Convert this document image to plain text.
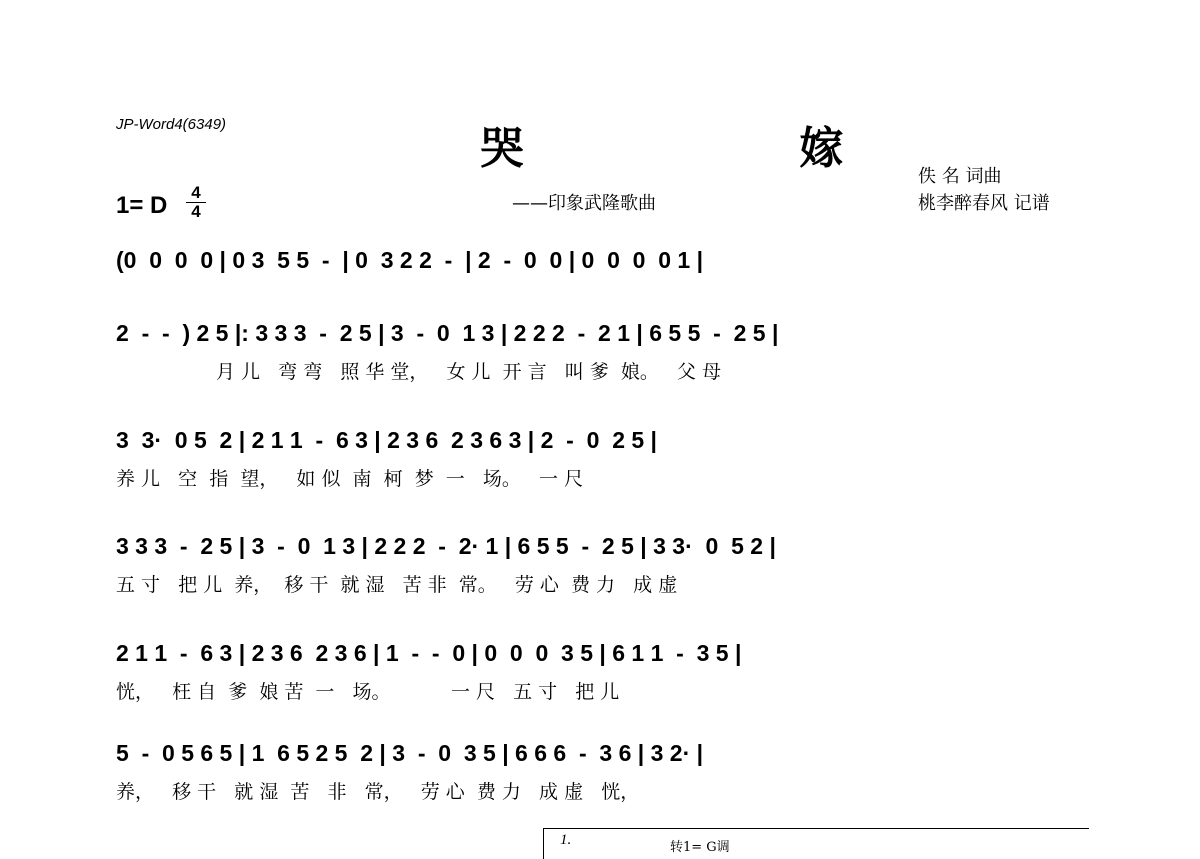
JP-Word4(6349)	哭 嫁
——印象武隆歌曲
佚 名 词曲
桃李醉春风 记谱
1= D	4
4
(0  0  0  0 | 0 3  5 5  -  | 0  3 2 2  -  | 2  -  0  0 | 0  0  0  0 1 |
2  -  -  ) 2 5 |: 3 3 3  -  2 5 | 3  -  0  1 3 | 2 2 2  -  2 1 | 6 5 5  -  2 5 |
月 儿   弯 弯   照 华 堂，   女 儿  开 言   叫 爹  娘。   父 母
3  3·  0 5  2 | 2 1 1  -  6 3 | 2 3 6  2 3 6 3 | 2  -  0  2 5 |
养 儿   空  指  望，   如 似  南  柯  梦  一   场。   一 尺
3 3 3  -  2 5 | 3  -  0  1 3 | 2 2 2  -  2· 1 | 6 5 5  -  2 5 | 3 3·  0  5 2 |
五 寸   把 儿  养，  移 干  就 湿   苦 非  常。   劳 心  费 力   成 虚
2 1 1  -  6 3 | 2 3 6  2 3 6 | 1  -  -  0 | 0  0  0  3 5 | 6 1 1  -  3 5 |
恍，   枉 自  爹  娘 苦  一   场。          一 尺   五 寸   把 儿
5  -  0 5 6 5 | 1  6 5 2 5  2 | 3  -  0  3 5 | 6 6 6  -  3 6 | 3 2· |
养，   移 干   就 湿  苦   非   常，   劳 心  费 力   成 虚   恍，
1.	转1= G调
